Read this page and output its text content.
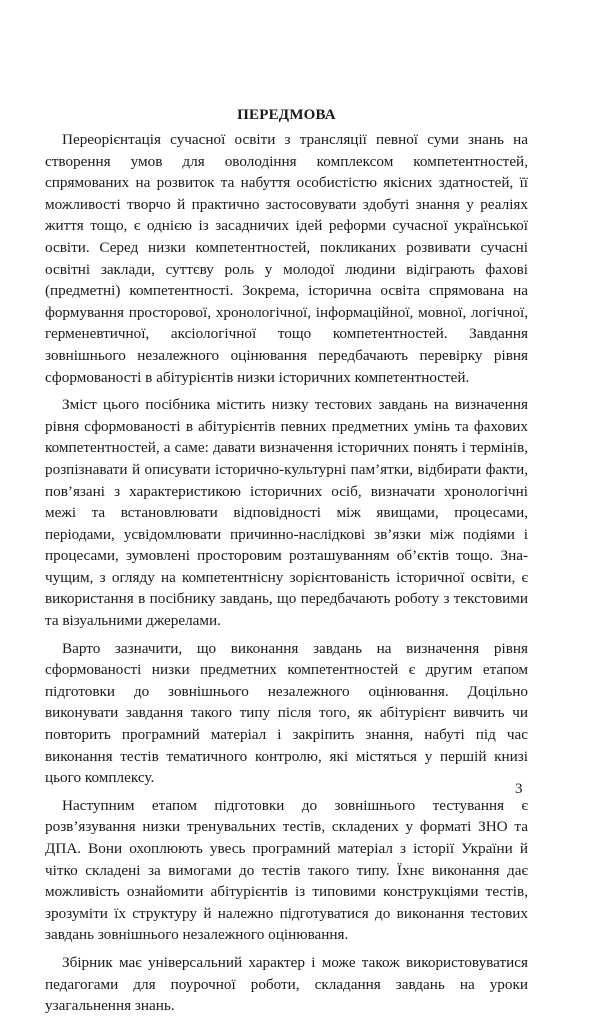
ПЕРЕДМОВА

Переорієнтація сучасної освіти з трансляції певної суми знань на створення умов для оволодіння комплексом компетентностей, спрямованих на розвиток та набуття особистістю якісних здатностей, її можливості творчо й практично застосовувати здобуті знання у реаліях життя тощо, є однією із засадничих ідей реформи сучасної української освіти. Серед низки компетентностей, покликаних розвивати сучасні освітні заклади, суттєву роль у молодої людини відіграють фахові (предметні) компетентності. Зокрема, історична освіта спрямована на формування просторової, хронологічної, інформаційної, мовної, логічної, герменевтичної, аксіологічної тощо компетентностей. Завдання зовнішнього незалежного оцінювання передбачають перевірку рівня сформованості в абітурієнтів низки історичних компетентностей.

Зміст цього посібника містить низку тестових завдань на визначення рівня сформованості в абітурієнтів певних предметних умінь та фахових компетентностей, а саме: давати визначення історичних понять і термінів, розпізнавати й описувати історично-культурні пам’ятки, відбирати факти, пов’язані з характеристикою історичних осіб, визначати хронологічні межі та встановлювати відповідності між явищами, процесами, періодами, усвідомлювати причинно-наслідкові зв’язки між подіями і процесами, зумовлені просторовим розташуванням об’єктів тощо. Значущим, з огляду на компетентнісну зорієнтованість історичної освіти, є використання в посібнику завдань, що передбачають роботу з текстовими та візуальними джерелами.

Варто зазначити, що виконання завдань на визначення рівня сформованості низки предметних компетентностей є другим етапом підготовки до зовнішнього незалежного оцінювання. Доцільно виконувати завдання такого типу після того, як абітурієнт вивчить чи повторить програмний матеріал і закріпить знання, набуті під час виконання тестів тематичного контролю, які містяться у першій книзі цього комплексу.

Наступним етапом підготовки до зовнішнього тестування є розв’язування низки тренувальних тестів, складених у форматі ЗНО та ДПА. Вони охоплюють увесь програмний матеріал з історії України й чітко складені за вимогами до тестів такого типу. Їхнє виконання дає можливість ознайомити абітурієнтів із типовими конструкціями тестів, зрозуміти їх структуру й належно підготуватися до виконання тестових завдань зовнішнього незалежного оцінювання.

Збірник має універсальний характер і може також використовуватися педагогами для поурочної роботи, складання завдань на уроки узагальнення знань.

3
